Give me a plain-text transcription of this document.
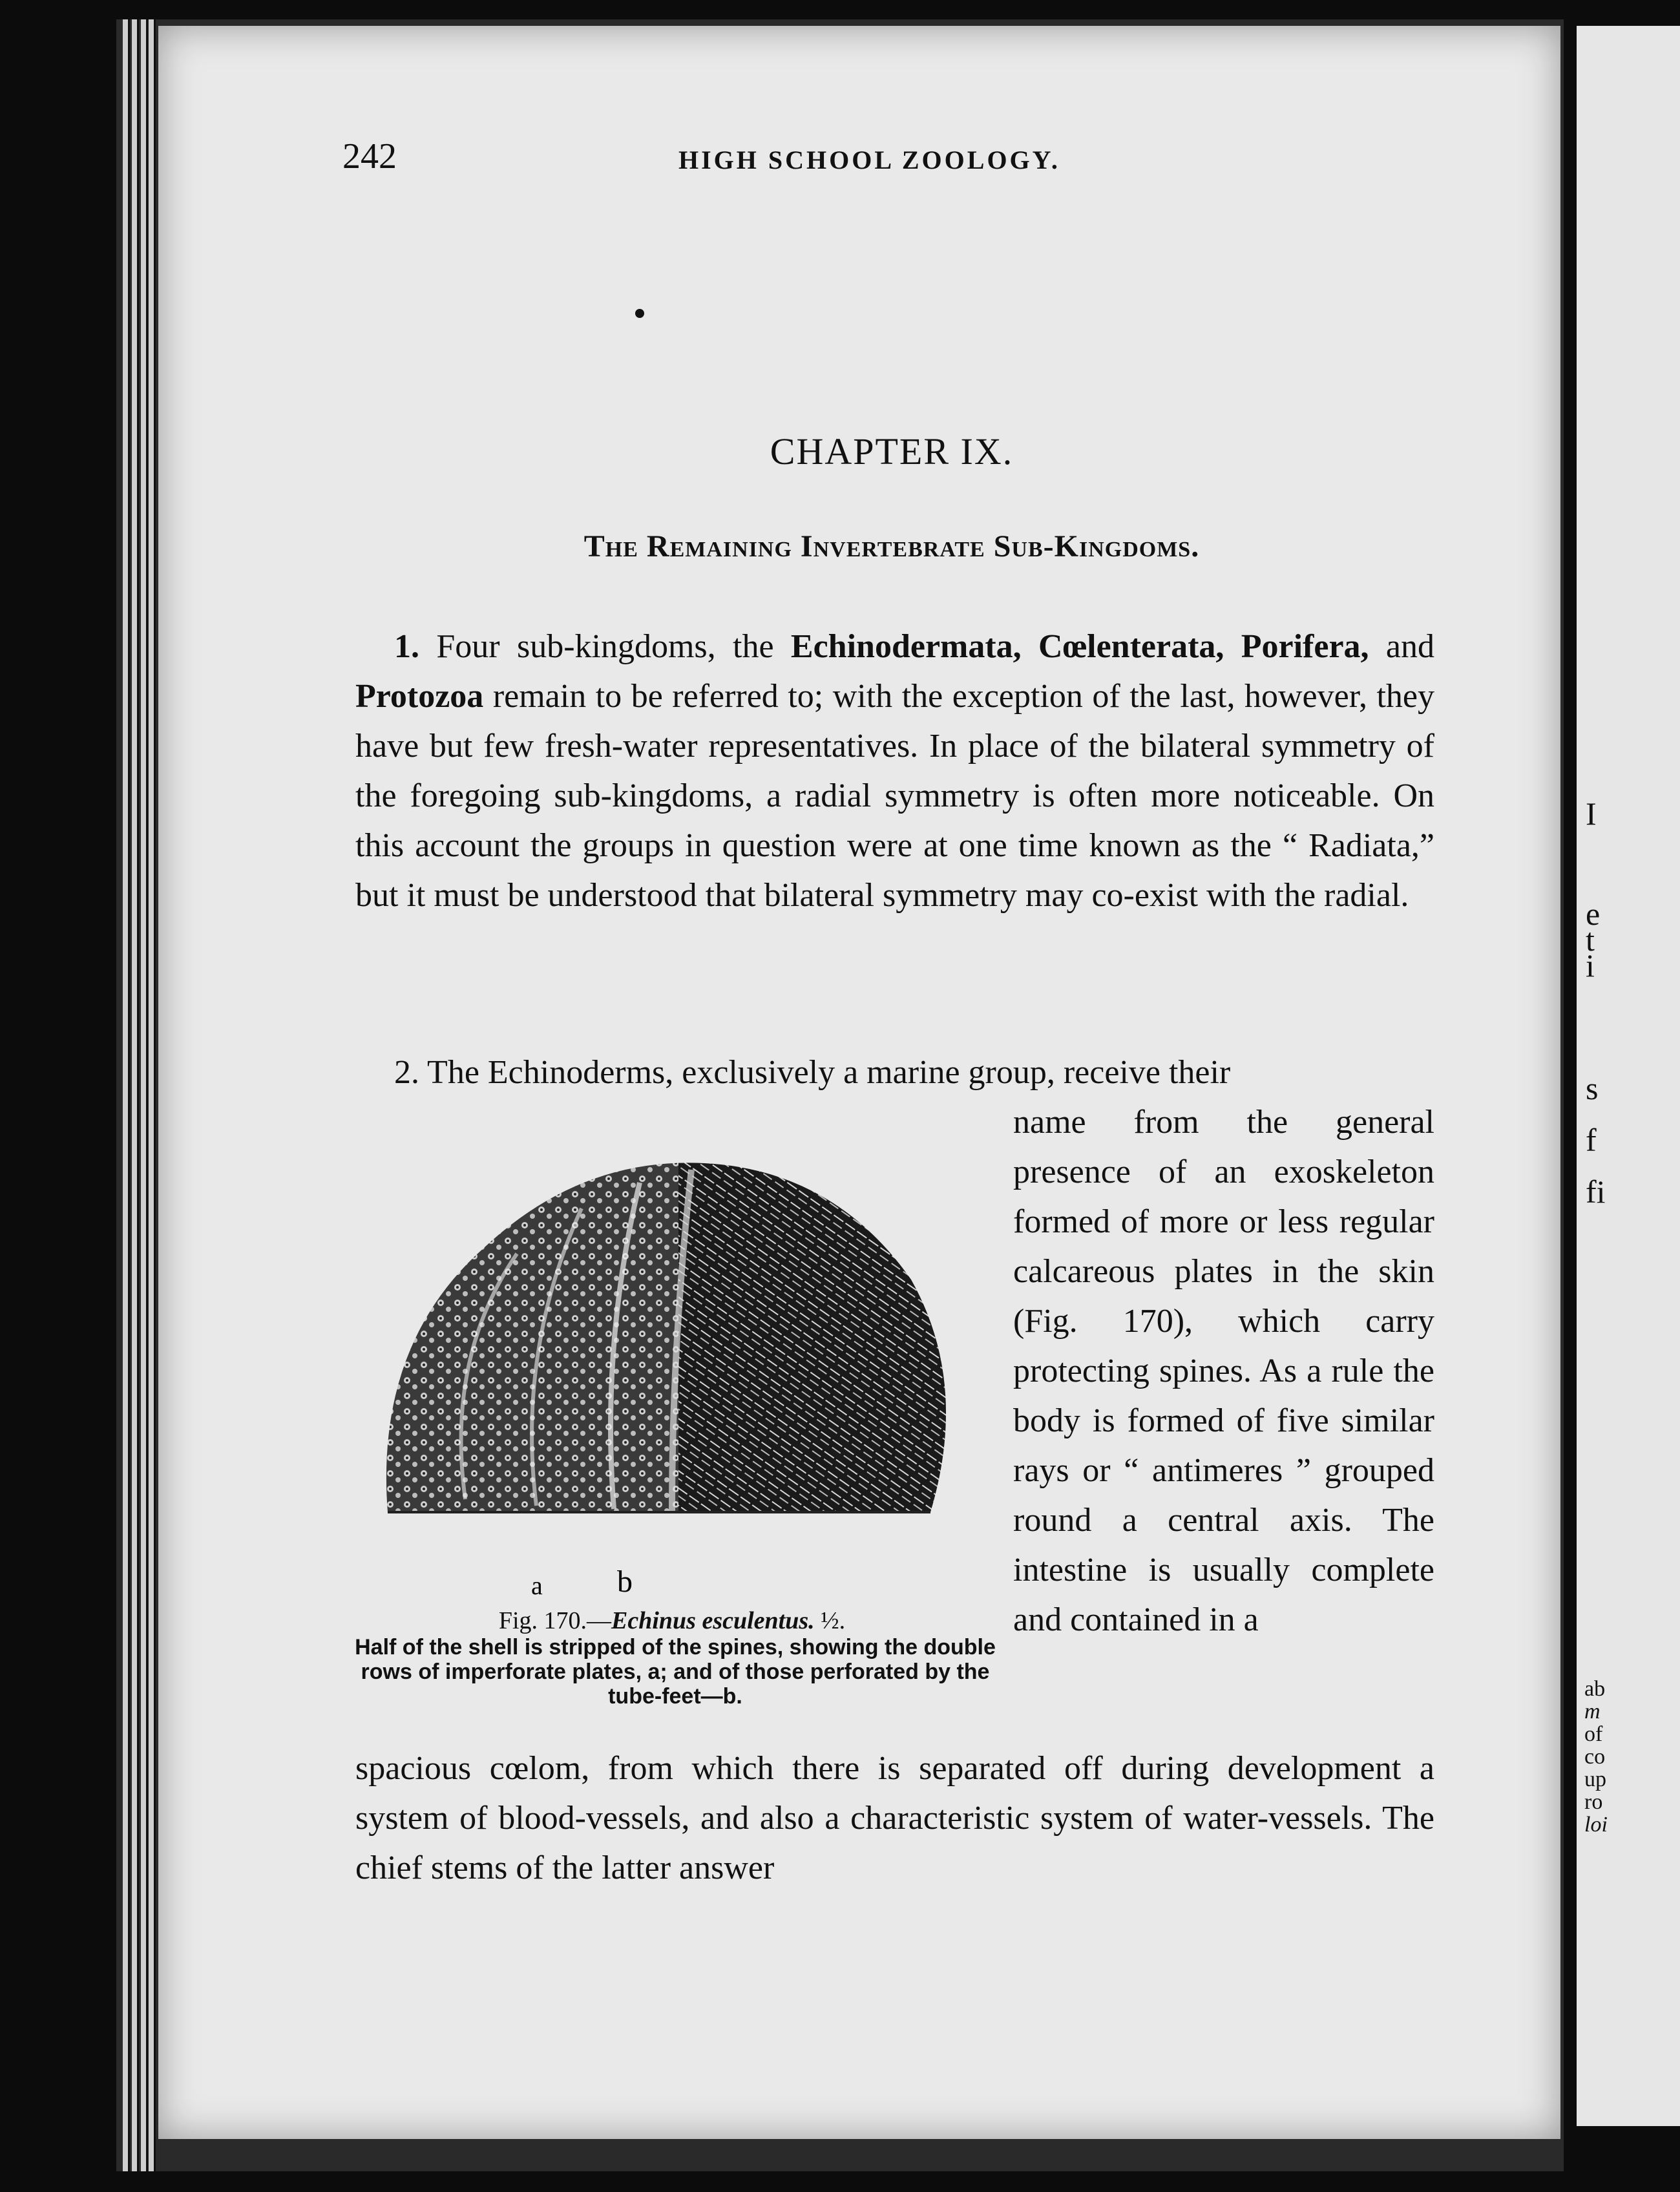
I
e
t
i
s
f
fi
ab
m
of
co
up
ro
loi
242	HIGH SCHOOL ZOOLOGY.
CHAPTER IX.
The Remaining Invertebrate Sub-Kingdoms.
1. Four sub-kingdoms, the Echinodermata, Cœlenterata, Porifera, and Protozoa remain to be referred to; with the exception of the last, however, they have but few fresh-water representatives. In place of the bilateral symmetry of the foregoing sub-kingdoms, a radial symmetry is often more noticeable. On this account the groups in question were at one time known as the “ Radiata,” but it must be understood that bilateral symmetry may co-exist with the radial.
2. The Echinoderms, exclusively a marine group, receive their
name from the general presence of an exoskeleton formed of more or less regular calcareous plates in the skin (Fig. 170), which carry protecting spines. As a rule the body is formed of five similar rays or “ antimeres ” grouped round a central axis. The intestine is usually complete and contained in a
a b
Fig. 170.—Echinus esculentus. ½.
Half of the shell is stripped of the spines, showing the double rows of imperforate plates, a; and of those perforated by the tube-feet—b.
spacious cœlom, from which there is separated off during development a system of blood-vessels, and also a characteristic system of water-vessels. The chief stems of the latter answer
